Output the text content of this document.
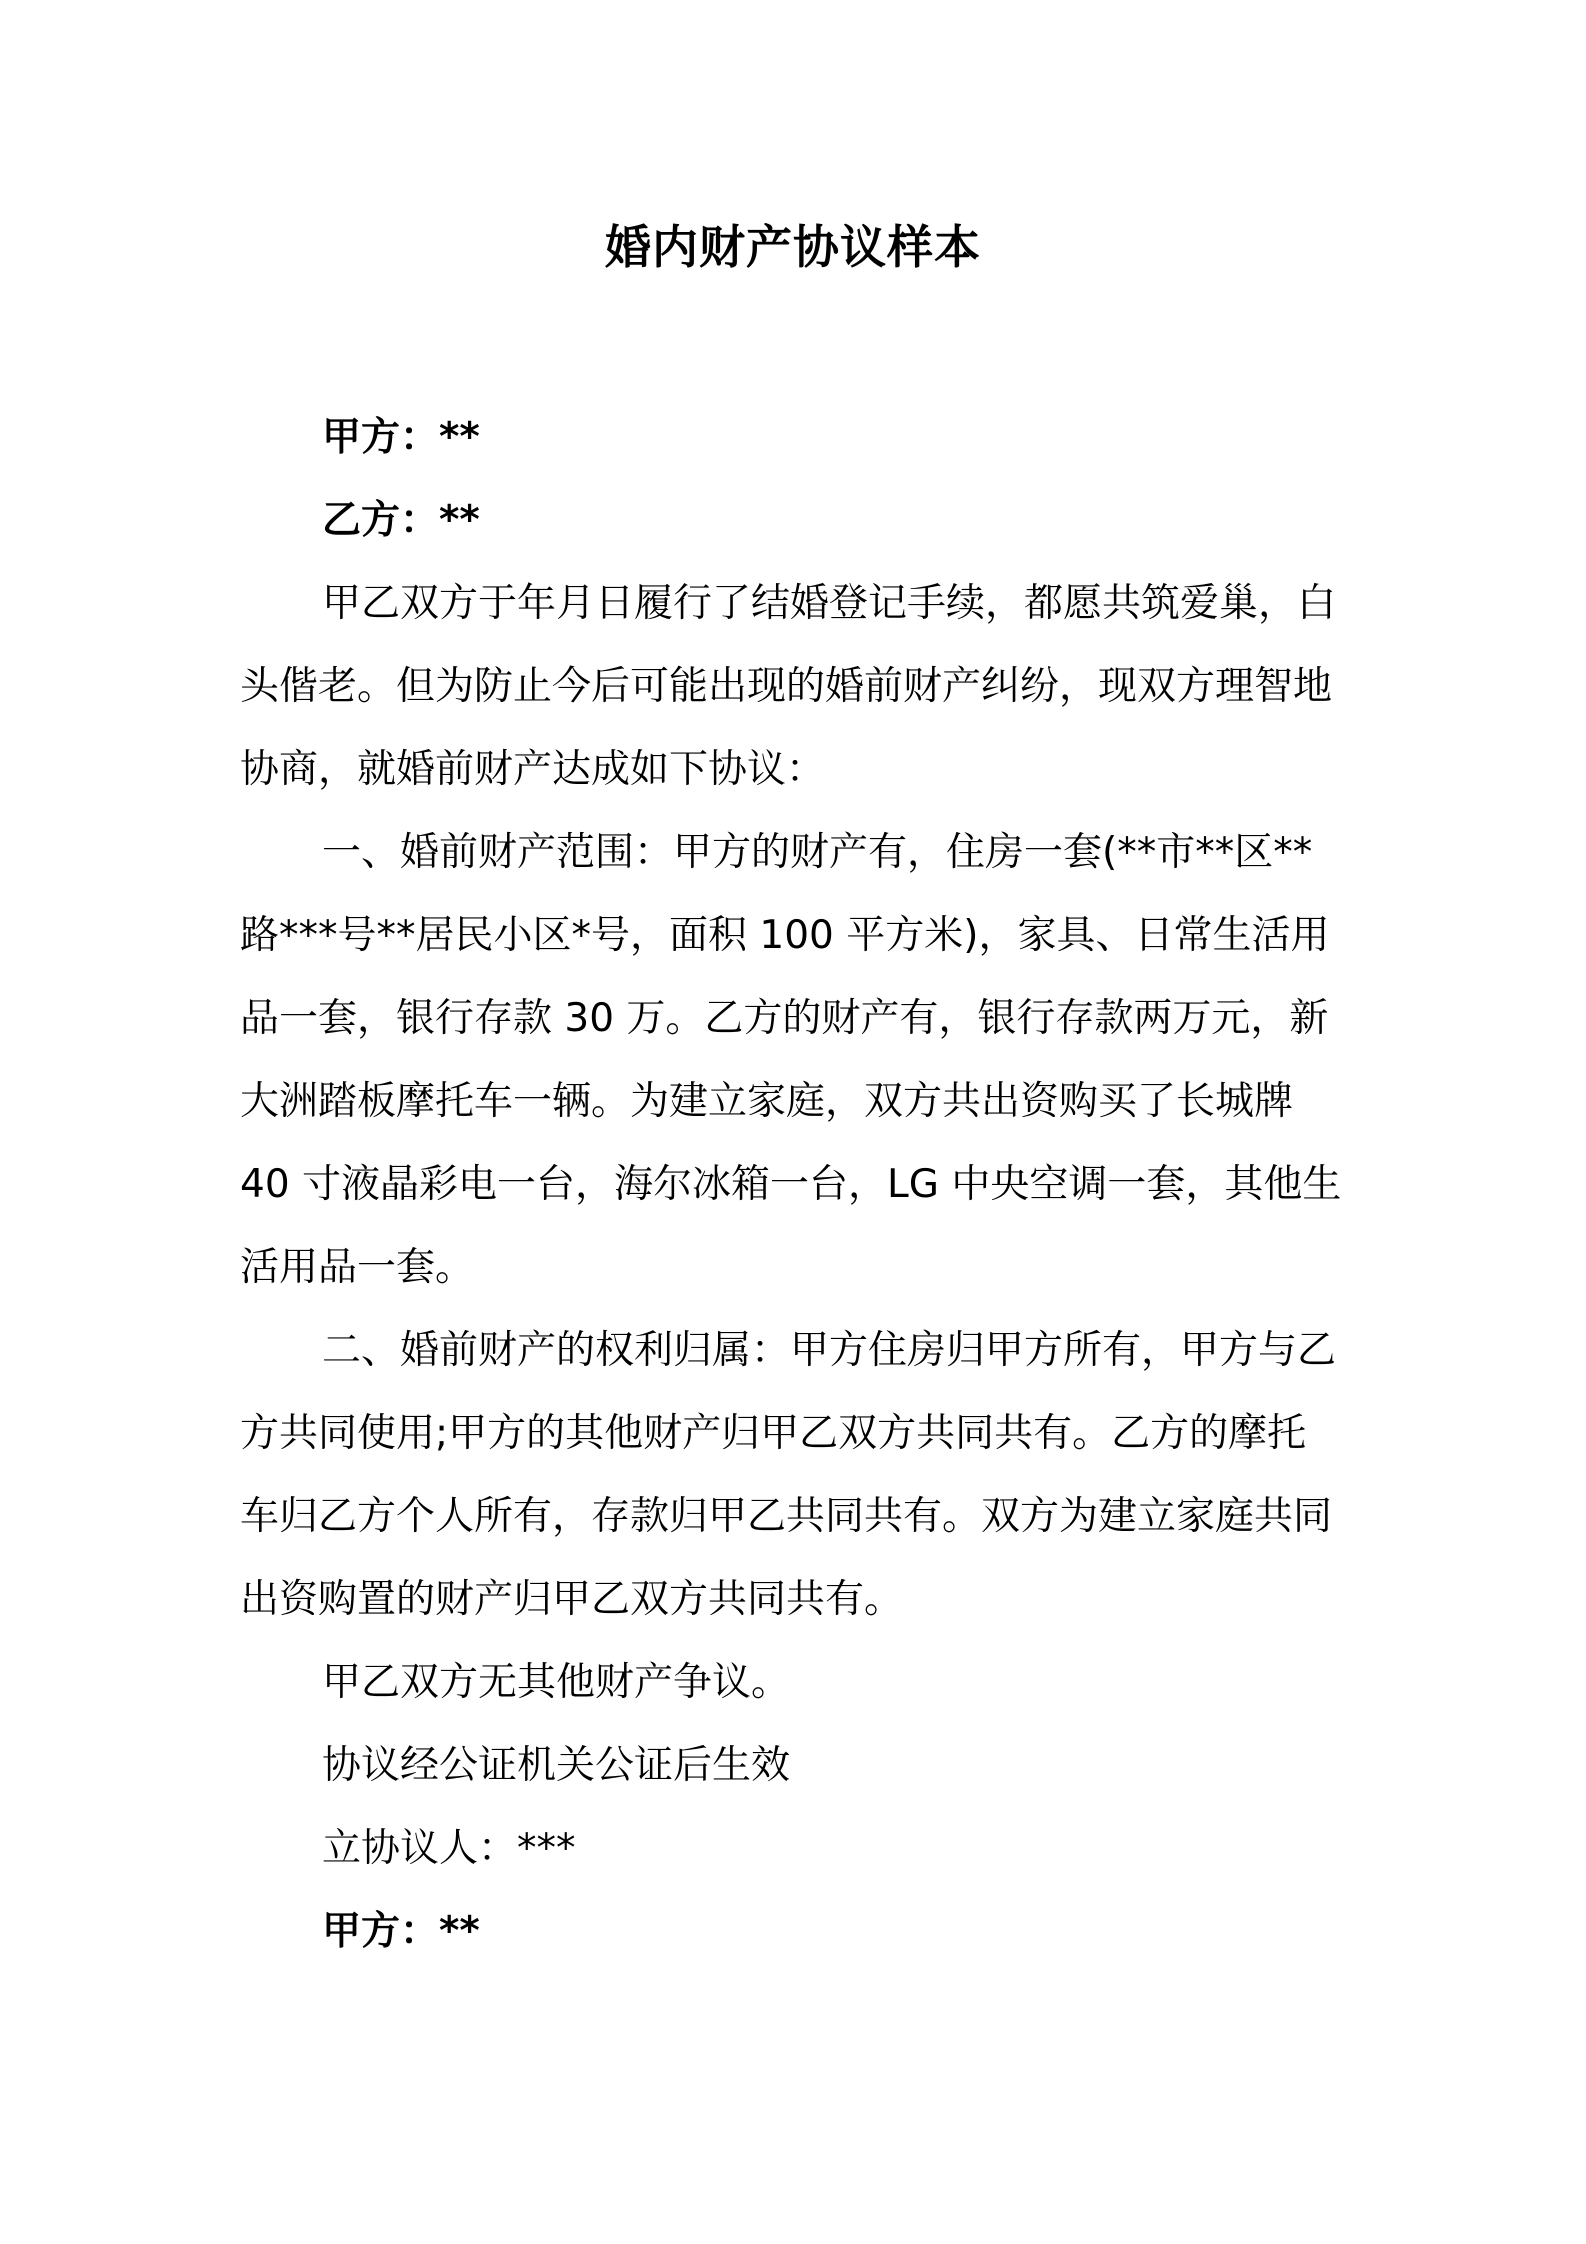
婚内财产协议样本

甲方：**

乙方：**

甲乙双方于年月日履行了结婚登记手续，都愿共筑爱巢，白

头偕老。但为防止今后可能出现的婚前财产纠纷，现双方理智地

协商，就婚前财产达成如下协议：

一、婚前财产范围：甲方的财产有，住房一套(**市**区**

路***号**居民小区*号，面积 100 平方米)，家具、日常生活用

品一套，银行存款 30 万。乙方的财产有，银行存款两万元，新

大洲踏板摩托车一辆。为建立家庭，双方共出资购买了长城牌

40 寸液晶彩电一台，海尔冰箱一台，LG 中央空调一套，其他生

活用品一套。

二、婚前财产的权利归属：甲方住房归甲方所有，甲方与乙

方共同使用;甲方的其他财产归甲乙双方共同共有。乙方的摩托

车归乙方个人所有，存款归甲乙共同共有。双方为建立家庭共同

出资购置的财产归甲乙双方共同共有。

甲乙双方无其他财产争议。

协议经公证机关公证后生效

立协议人：***

甲方：**
